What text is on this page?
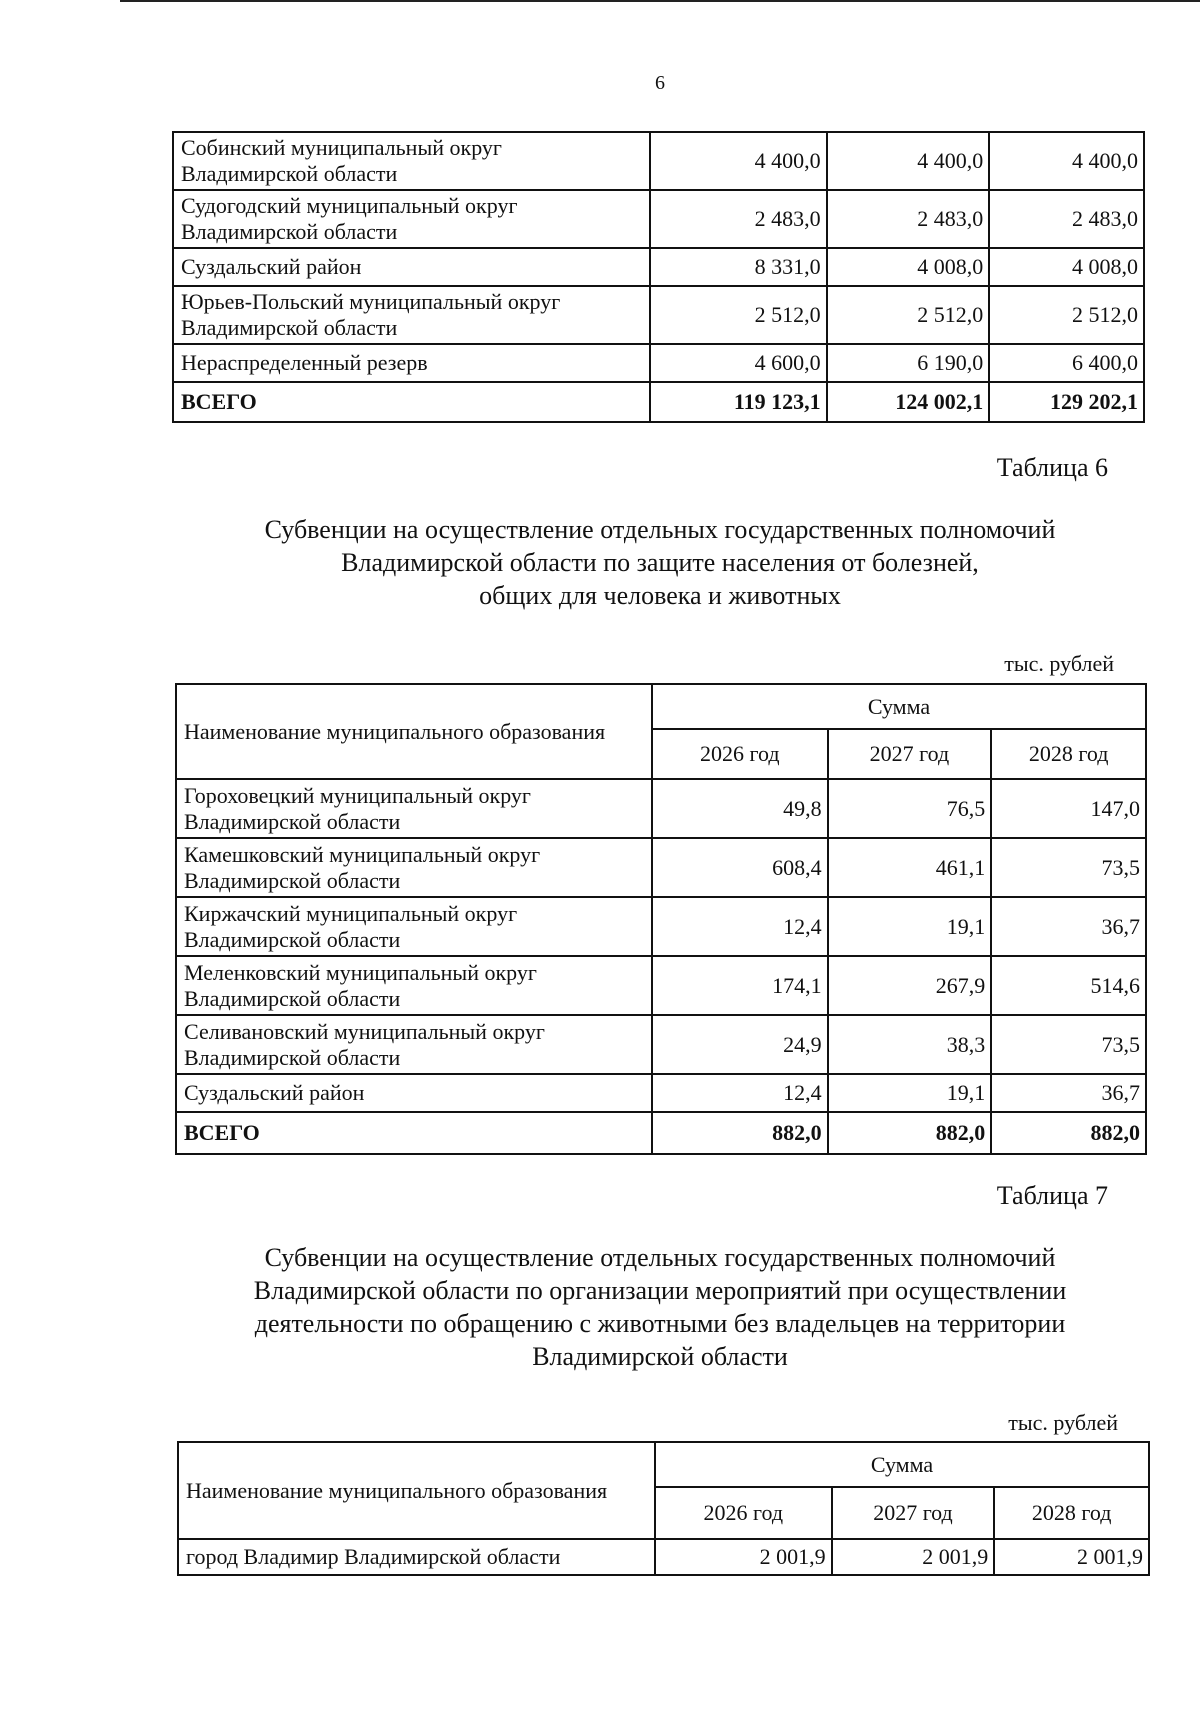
6
Собинский муниципальный округ
Владимирской области	4 400,0	4 400,0	4 400,0
Судогодский муниципальный округ
Владимирской области	2 483,0	2 483,0	2 483,0
Суздальский район	8 331,0	4 008,0	4 008,0
Юрьев-Польский муниципальный округ
Владимирской области	2 512,0	2 512,0	2 512,0
Нераспределенный резерв	4 600,0	6 190,0	6 400,0
ВСЕГО	119 123,1	124 002,1	129 202,1
Таблица 6
Субвенции на осуществление отдельных государственных полномочий
Владимирской области по защите населения от болезней,
общих для человека и животных
тыс. рублей
Наименование муниципального образования	Сумма		
	2026 год	2027 год	2028 год
Гороховецкий муниципальный округ
Владимирской области	49,8	76,5	147,0
Камешковский муниципальный округ
Владимирской области	608,4	461,1	73,5
Киржачский муниципальный округ
Владимирской области	12,4	19,1	36,7
Меленковский муниципальный округ
Владимирской области	174,1	267,9	514,6
Селивановский муниципальный округ
Владимирской области	24,9	38,3	73,5
Суздальский район	12,4	19,1	36,7
ВСЕГО	882,0	882,0	882,0
Таблица 7
Субвенции на осуществление отдельных государственных полномочий
Владимирской области по организации мероприятий при осуществлении
деятельности по обращению с животными без владельцев на территории
Владимирской области
тыс. рублей
Наименование муниципального образования	Сумма		
	2026 год	2027 год	2028 год
город Владимир Владимирской области	2 001,9	2 001,9	2 001,9
